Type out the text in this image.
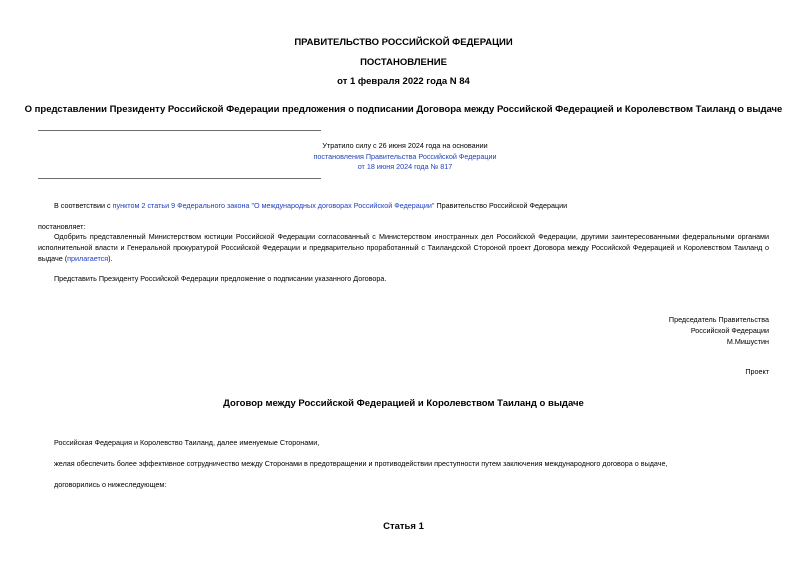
ПРАВИТЕЛЬСТВО РОССИЙСКОЙ ФЕДЕРАЦИИ
ПОСТАНОВЛЕНИЕ
от 1 февраля 2022 года N 84
О представлении Президенту Российской Федерации предложения о подписании Договора между Российской Федерацией и Королевством Таиланд о выдаче
Утратило силу с 26 июня 2024 года на основании
постановления Правительства Российской Федерации
от 18 июня 2024 года № 817
В соответствии с пунктом 2 статьи 9 Федерального закона "О международных договорах Российской Федерации" Правительство Российской Федерации
постановляет:
Одобрить представленный Министерством юстиции Российской Федерации согласованный с Министерством иностранных дел Российской Федерации, другими заинтересованными федеральными органами исполнительной власти и Генеральной прокуратурой Российской Федерации и предварительно проработанный с Таиландской Стороной проект Договора между Российской Федерацией и Королевством Таиланд о выдаче (прилагается).
Представить Президенту Российской Федерации предложение о подписании указанного Договора.
Председатель Правительства
Российской Федерации
М.Мишустин
Проект
Договор между Российской Федерацией и Королевством Таиланд о выдаче
Российская Федерация и Королевство Таиланд, далее именуемые Сторонами,
желая обеспечить более эффективное сотрудничество между Сторонами в предотвращении и противодействии преступности путем заключения международного договора о выдаче,
договорились о нижеследующем:
Статья 1
